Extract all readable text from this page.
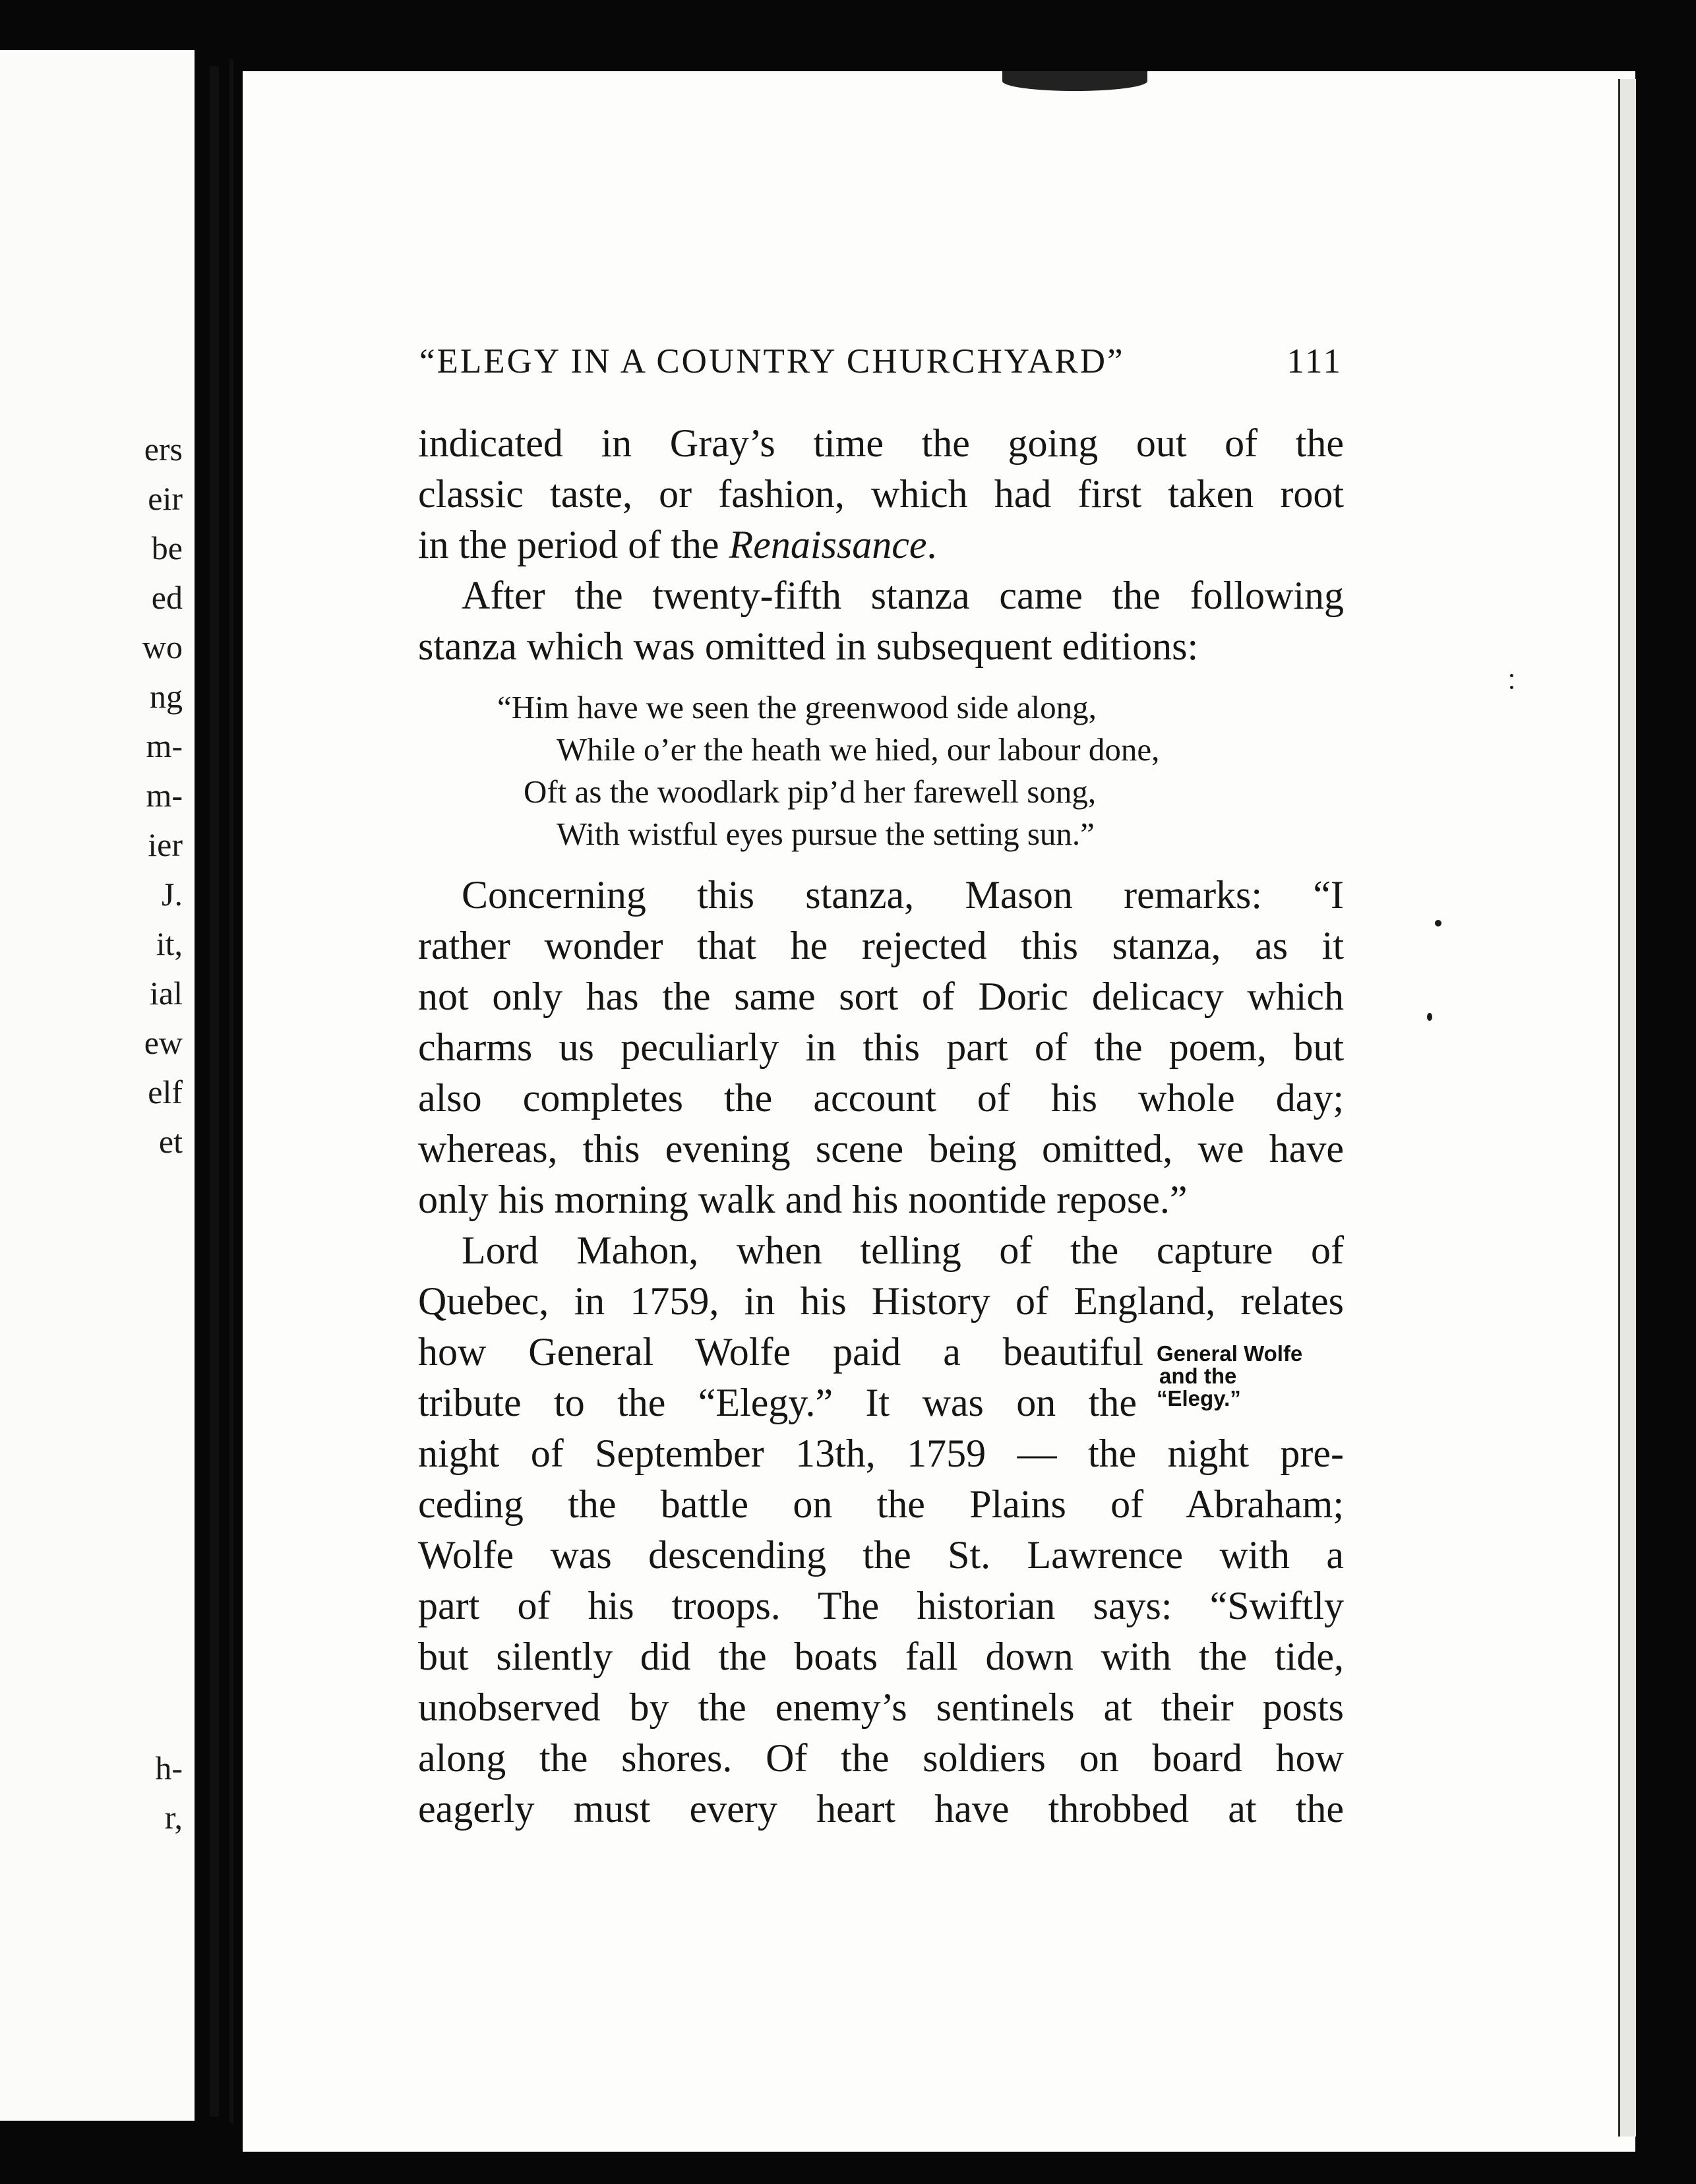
ers
eir
be
ed
wo
ng
m-
m-
ier
J.
it,
ial
ew
elf
et
h-
r,
“ELEGY IN A COUNTRY CHURCHYARD”	111
indicated in Gray’s time the going out of the
classic taste, or fashion, which had first taken root
in the period of the Renaissance.
After the twenty-fifth stanza came the following
stanza which was omitted in subsequent editions:
“Him have we seen the greenwood side along,
While o’er the heath we hied, our labour done,
Oft as the woodlark pip’d her farewell song,
With wistful eyes pursue the setting sun.”
Concerning this stanza, Mason remarks: “I
rather wonder that he rejected this stanza, as it
not only has the same sort of Doric delicacy which
charms us peculiarly in this part of the poem, but
also completes the account of his whole day;
whereas, this evening scene being omitted, we have
only his morning walk and his noontide repose.”
Lord Mahon, when telling of the capture of
Quebec, in 1759, in his History of England, relates
how General Wolfe paid a beautiful
tribute to the “Elegy.” It was on the
night of September 13th, 1759 — the night pre-
ceding the battle on the Plains of Abraham;
Wolfe was descending the St. Lawrence with a
part of his troops. The historian says: “Swiftly
but silently did the boats fall down with the tide,
unobserved by the enemy’s sentinels at their posts
along the shores. Of the soldiers on board how
eagerly must every heart have throbbed at the
General Wolfe
and the
“Elegy.”
